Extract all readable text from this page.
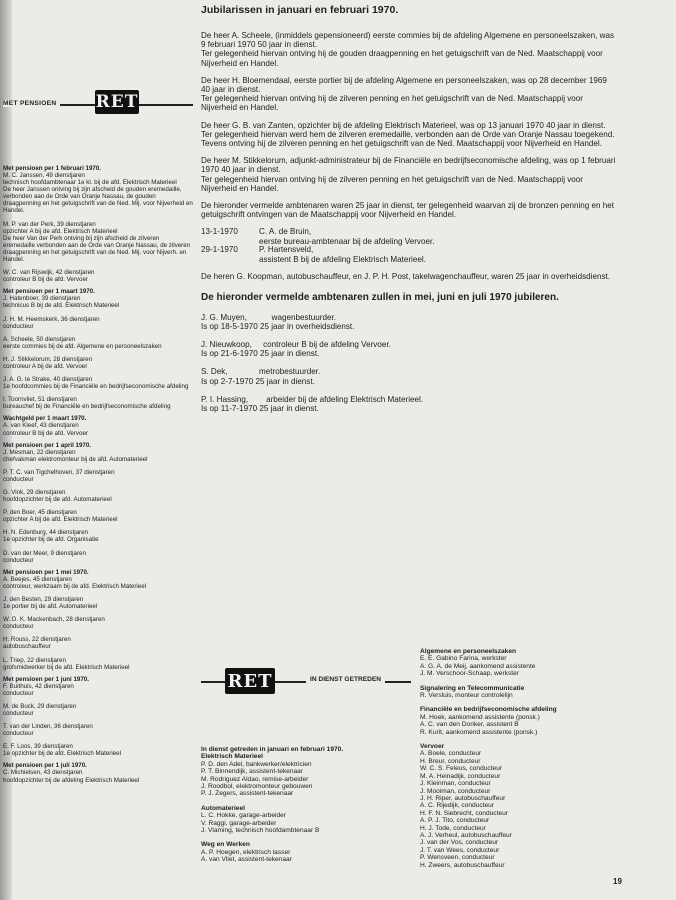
Jubilarissen in januari en februari 1970.

De heer A. Scheele, (inmiddels gepensioneerd) eerste commies bij de afdeling Algemene en personeelszaken, was 9 februari 1970 50 jaar in dienst.
Ter gelegenheid hiervan ontving hij de gouden draagpenning en het getuigschrift van de Ned. Maatschappij voor Nijverheid en Handel.

De heer H. Bloemendaal, eerste portier bij de afdeling Algemene en personeelszaken, was op 28 december 1969 40 jaar in dienst.
Ter gelegenheid hiervan ontving hij de zilveren penning en het getuigschrift van de Ned. Maatschappij voor Nijverheid en Handel.

De heer G. B. van Zanten, opzichter bij de afdeling Elektrisch Materieel, was op 13 januari 1970 40 jaar in dienst.
Ter gelegenheid hiervan werd hem de zilveren eremedaille, verbonden aan de Orde van Oranje Nassau toegekend. Tevens ontving hij de zilveren penning en het getuigschrift van de Ned. Maatschappij voor Nijverheid en Handel.

De heer M. Stikkelorum, adjunkt-administrateur bij de Financiële en bedrijfseconomische afdeling, was op 1 februari 1970 40 jaar in dienst.
Ter gelegenheid hiervan ontving hij de zilveren penning en het getuigschrift van de Ned. Maatschappij voor Nijverheid en Handel.

De hieronder vermelde ambtenaren waren 25 jaar in dienst, ter gelegenheid waarvan zij de bronzen penning en het getuigschrift ontvingen van de Maatschappij voor Nijverheid en Handel.

13-1-1970	C. A. de Bruin,
eerste bureau-ambtenaar bij de afdeling Vervoer.
29-1-1970	P. Hartensveld,
assistent B bij de afdeling Elektrisch Materieel.

De heren G. Koopman, autobuschauffeur, en J. P. H. Post, takelwagenchauffeur, waren 25 jaar in overheidsdienst.

De hieronder vermelde ambtenaren zullen in mei, juni en juli 1970 jubileren.
J. G. Muyen,           wagenbestuurder.
Is op 18-5-1970 25 jaar in overheidsdienst.
J. Nieuwkoop,     controleur B bij de afdeling Vervoer.
Is op 21-6-1970 25 jaar in dienst.
S. Dek,              metrobestuurder.
Is op 2-7-1970 25 jaar in dienst.
P. I. Hassing,        arbeider bij de afdeling Elektrisch Materieel.
Is op 11-7-1970 25 jaar in dienst.
MET PENSIOEN RET
Met pensioen per 1 februari 1970.
M. C. Janssen, 49 dienstjaren
technisch hoofdambtenaar 1e kl. bij de afd. Elektrisch Materieel
De heer Janssen ontving bij zijn afscheid de gouden eremedaille, verbonden aan de Orde van Oranje Nassau, de gouden draagpenning en het getuigschrift van de Ned. Mij. voor Nijverheid en Handel.
M. P. van der Perk, 39 dienstjaren
opzichter A bij de afd. Elektrisch Materieel
De heer Van der Perk ontving bij zijn afscheid de zilveren eremedaille verbonden aan de Orde van Oranje Nassau, de zilveren draagpenning en het getuigschrift van de Ned. Mij. voor Nijverh. en Handel.
W. C. van Rijswijk, 42 dienstjaren
controleur B bij de afd. Vervoer
Met pensioen per 1 maart 1970.
J. Hatenboer, 39 dienstjaren
technicus B bij de afd. Elektrisch Materieel
J. H. M. Heemskerk, 36 dienstjaren
conducteur
A. Scheele, 50 dienstjaren
eerste commies bij de afd. Algemene en personeelszaken
H. J. Stikkelorum, 28 dienstjaren
controleur A bij de afd. Vervoer
J. A. G. te Strake, 40 dienstjaren
1e hoofdcommies bij de Financiële en bedrijfseconomische afdeling
I. Toornvliet, 51 dienstjaren
bureauchef bij de Financiële en bedrijfseconomische afdeling
Wachtgeld per 1 maart 1970.
A. van Kleef, 43 dienstjaren
controleur B bij de afd. Vervoer
Met pensioen per 1 april 1970.
J. Mesman, 22 dienstjaren
chefvakman elektromonteur bij de afd. Automaterieel
P. T. C. van Tigchelhoven, 37 dienstjaren
conducteur
G. Vink, 29 dienstjaren
hoofdopzichter bij de afd. Automaterieel
P. den Boer, 45 dienstjaren
opzichter A bij de afd. Elektrisch Materieel
H. N. Edenburg, 44 dienstjaren
1e opzichter bij de afd. Organisatie
D. van der Meer, 9 dienstjaren
conducteur
Met pensioen per 1 mei 1970.
A. Beejes, 45 dienstjaren
controleur, werkzaam bij de afd. Elektrisch Materieel
J. den Besten, 29 dienstjaren
1e portier bij de afd. Automaterieel
W. D. K. Mackenbach, 28 dienstjaren
conducteur
H. Rouss, 22 dienstjaren
autobuschauffeur
L. Triep, 22 dienstjaren
grofsmidwerker bij de afd. Elektrisch Materieel
Met pensioen per 1 juni 1970.
F. Buithuis, 42 dienstjaren
conducteur
M. de Buck, 29 dienstjaren
conducteur
T. van der Linden, 36 dienstjaren
conducteur
E. F. Loos, 39 dienstjaren
1e opzichter bij de afd. Elektrisch Materieel
Met pensioen per 1 juli 1970.
C. Michielsen, 43 dienstjaren
hoofdopzichter bij de afdeling Elektrisch Materieel
RET	IN DIENST GETREDEN
In dienst getreden in januari en februari 1970.
Elektrisch Materieel
P. D. den Adel, bankwerker/elektricien
P. T. Binnendijk, assistent-tekenaar
M. Rodriguez Aldao, remise-arbeider
J. Roodbol, elektromonteur gebouwen
P. J. Zegers, assistent-tekenaar
Automaterieel
L. C. Hokke, garage-arbeider
V. Raggi, garage-arbeider
J. Vlaming, technisch hoofdambtenaar B
Weg en Werken
A. P. Hoegen, elektrisch lasser
A. van Vliet, assistent-tekenaar
Algemene en personeelszaken
E. E. Gabino Farina, werkster
A. G. A. de Meij, aankomend assistente
J. M. Verschoor-Schaap, werkster
Signalering en Telecommunicatie
R. Versluis, monteur controlelijn
Financiële en bedrijfseconomische afdeling
M. Hoek, aankomend assistente (ponsk.)
A. C. van den Donker, assistent B
R. Kurit, aankomend assistente (ponsk.)
Vervoer
A. Boele, conducteur
H. Breur, conducteur
W. C. S. Feleus, conducteur
M. A. Heinadijk, conducteur
J. Kleinman, conducteur
J. Mooiman, conducteur
J. H. Riper, autobuschauffeur
A. C. Rijedijk, conducteur
H. F. N. Siebrecht, conducteur
A. P. J. Tito, conducteur
H. J. Tode, conducteur
A. J. Verheul, autobuschauffeur
J. van der Vos, conducteur
J. T. van Wees, conducteur
P. Wensveen, conducteur
H. Zweers, autobuschauffeur
19
